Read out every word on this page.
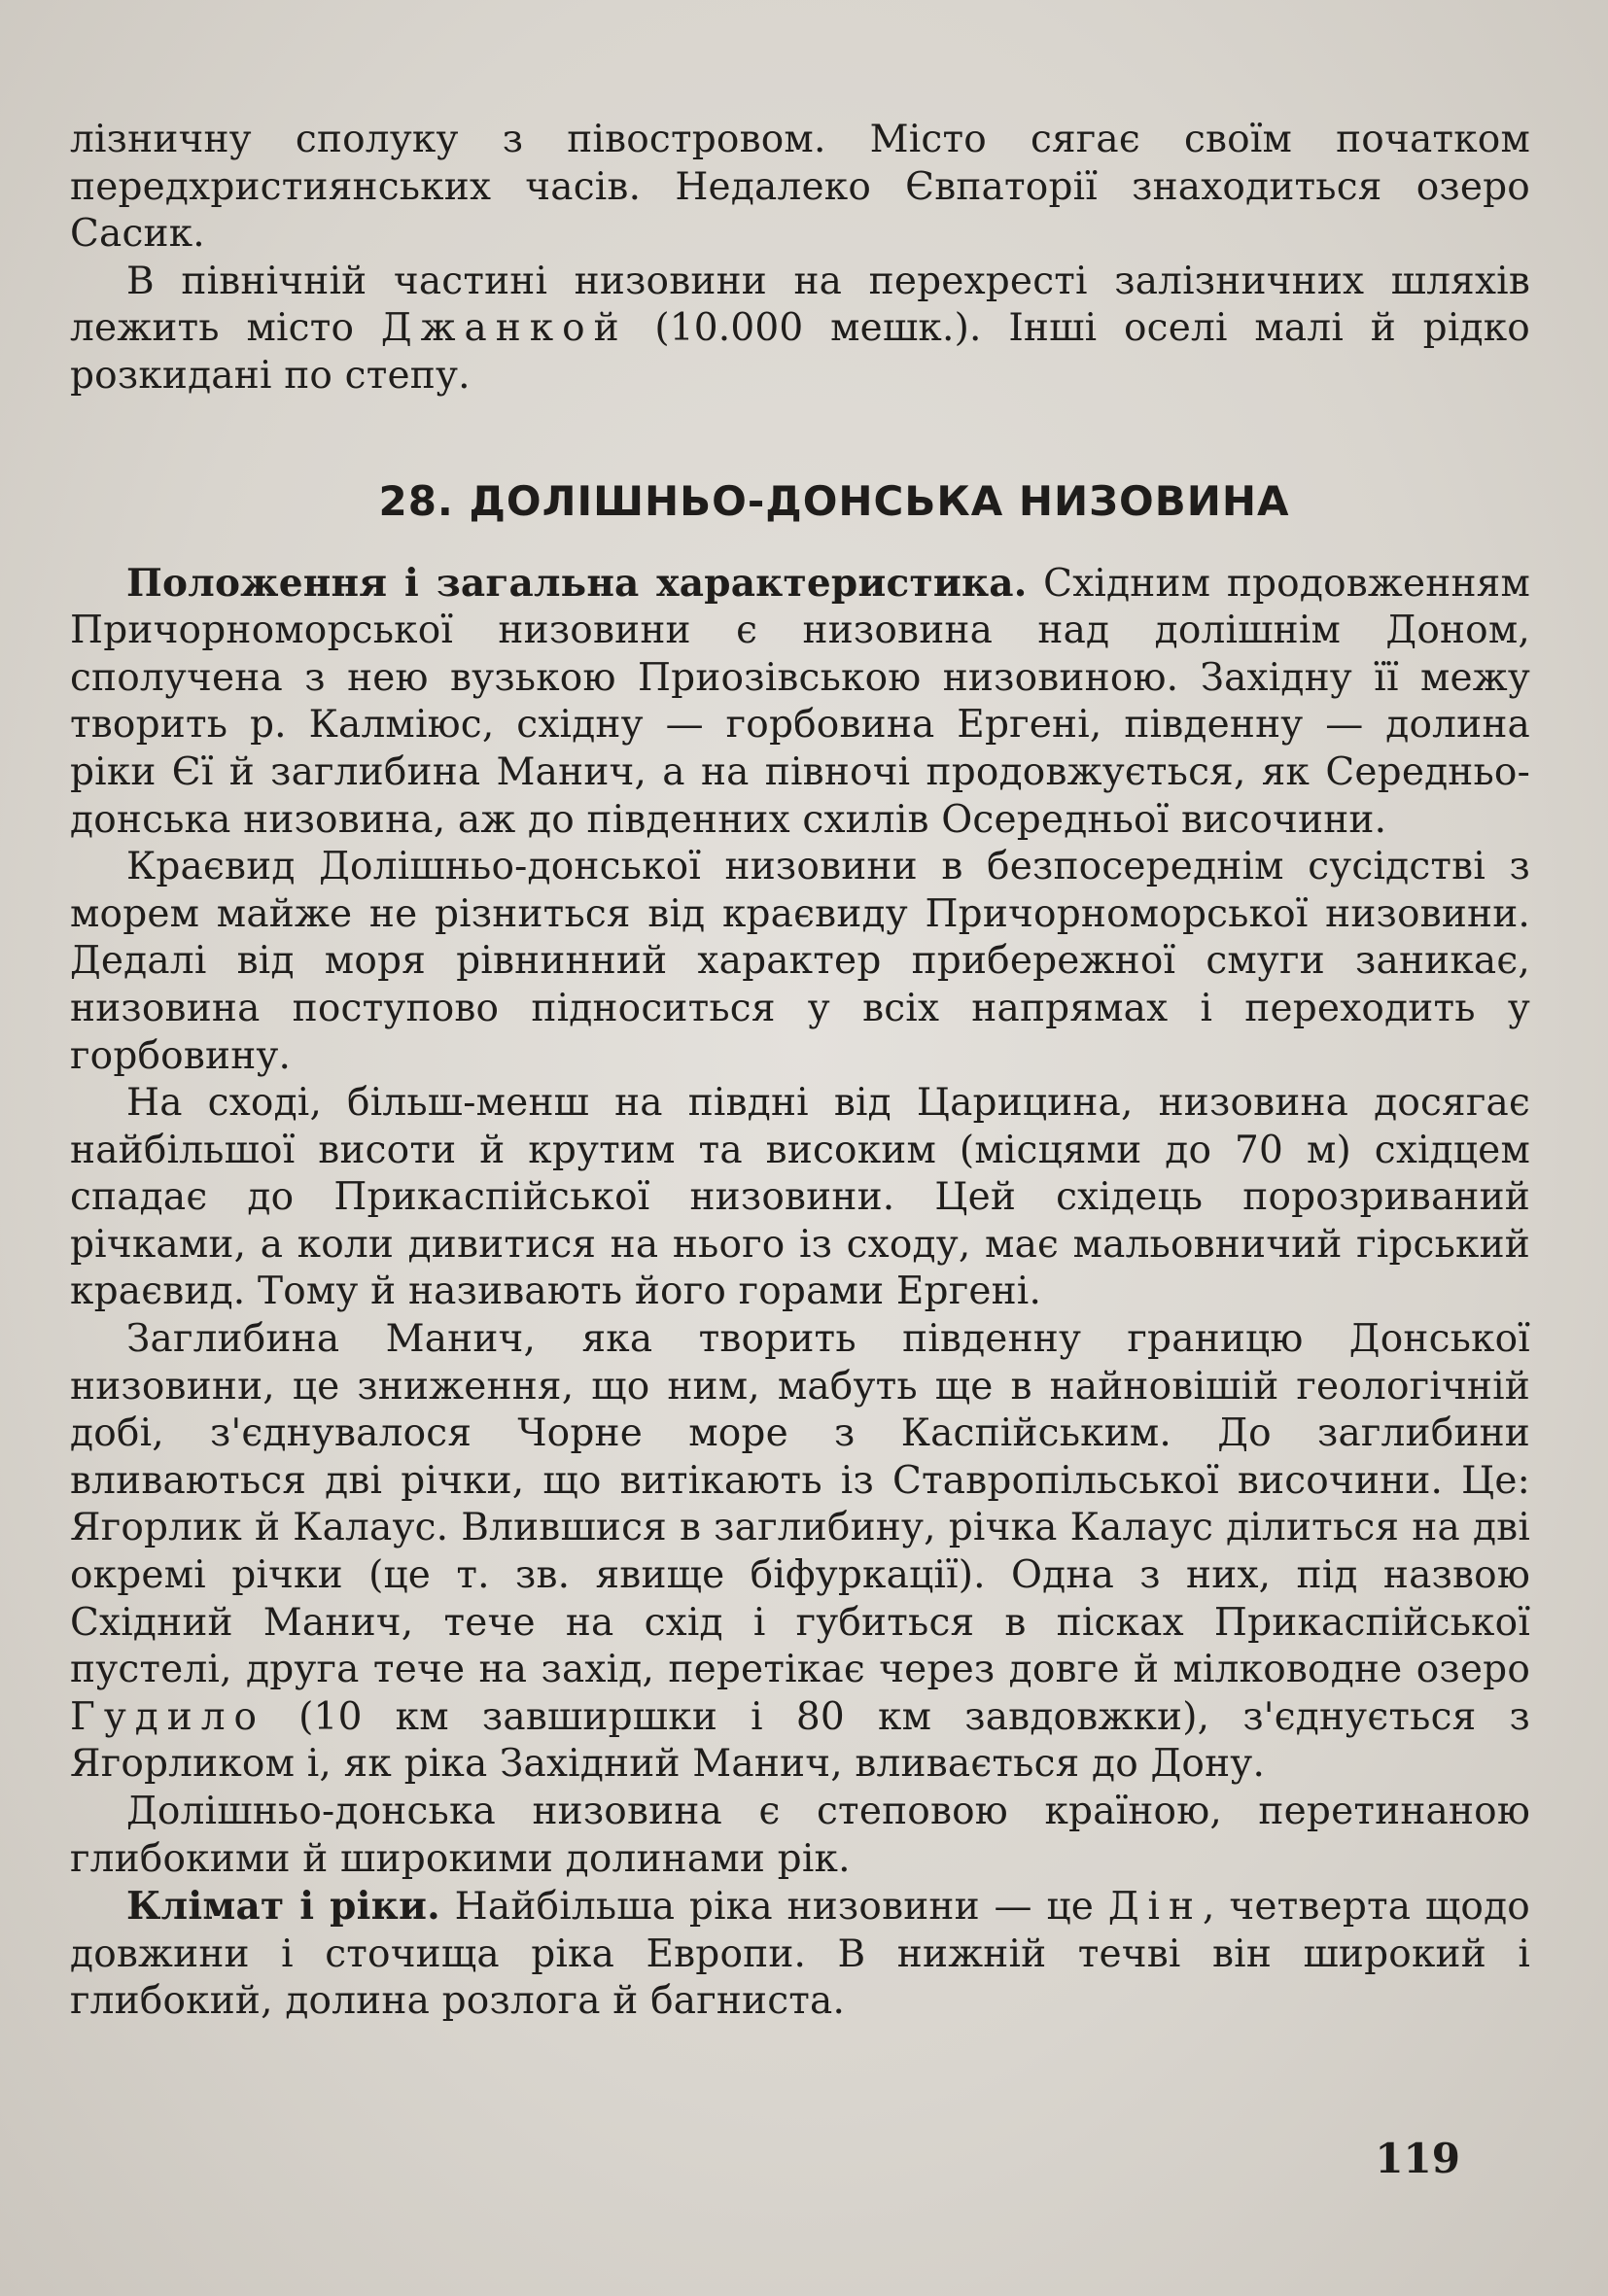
лізничну сполуку з півостровом. Місто сягає своїм початком передхристиянських часів. Недалеко Євпаторії знаходиться озеро Сасик.

В північній частині низовини на перехресті залізничних шляхів лежить місто Джанкой (10.000 мешк.). Інші оселі малі й рідко розкидані по степу.

28. ДОЛІШНЬО-ДОНСЬКА НИЗОВИНА

Положення і загальна характеристика. Східним продовженням Причорноморської низовини є низовина над долішнім Доном, сполучена з нею вузькою Приозівською низовиною. Західну її межу творить р. Калміюс, східну — горбовина Ергені, південну — долина ріки Єї й заглибина Манич, а на півночі продовжується, як Середньо-донська низовина, аж до південних схилів Осередньої височини.

Краєвид Долішньо-донської низовини в безпосереднім сусідстві з морем майже не різниться від краєвиду Причорноморської низовини. Дедалі від моря рівнинний характер прибережної смуги заникає, низовина поступово підноситься у всіх напрямах і переходить у горбовину.

На сході, більш-менш на півдні від Царицина, низовина досягає найбільшої висоти й крутим та високим (місцями до 70 м) східцем спадає до Прикаспійської низовини. Цей східець порозриваний річками, а коли дивитися на нього із сходу, має мальовничий гірський краєвид. Тому й називають його горами Ергені.

Заглибина Манич, яка творить південну границю Донської низовини, це зниження, що ним, мабуть ще в найновішій геологічній добі, з'єднувалося Чорне море з Каспійським. До заглибини вливаються дві річки, що витікають із Ставропільської височини. Це: Ягорлик й Калаус. Влившися в заглибину, річка Калаус ділиться на дві окремі річки (це т. зв. явище біфуркації). Одна з них, під назвою Східний Манич, тече на схід і губиться в пісках Прикаспійської пустелі, друга тече на захід, перетікає через довге й мілководне озеро Гудило (10 км завширшки і 80 км завдовжки), з'єднується з Ягорликом і, як ріка Західний Манич, вливається до Дону.

Долішньо-донська низовина є степовою країною, перетинаною глибокими й широкими долинами рік.

Клімат і ріки. Найбільша ріка низовини — це Дін, четверта щодо довжини і сточища ріка Европи. В нижній течві він широкий і глибокий, долина розлога й багниста.

119
